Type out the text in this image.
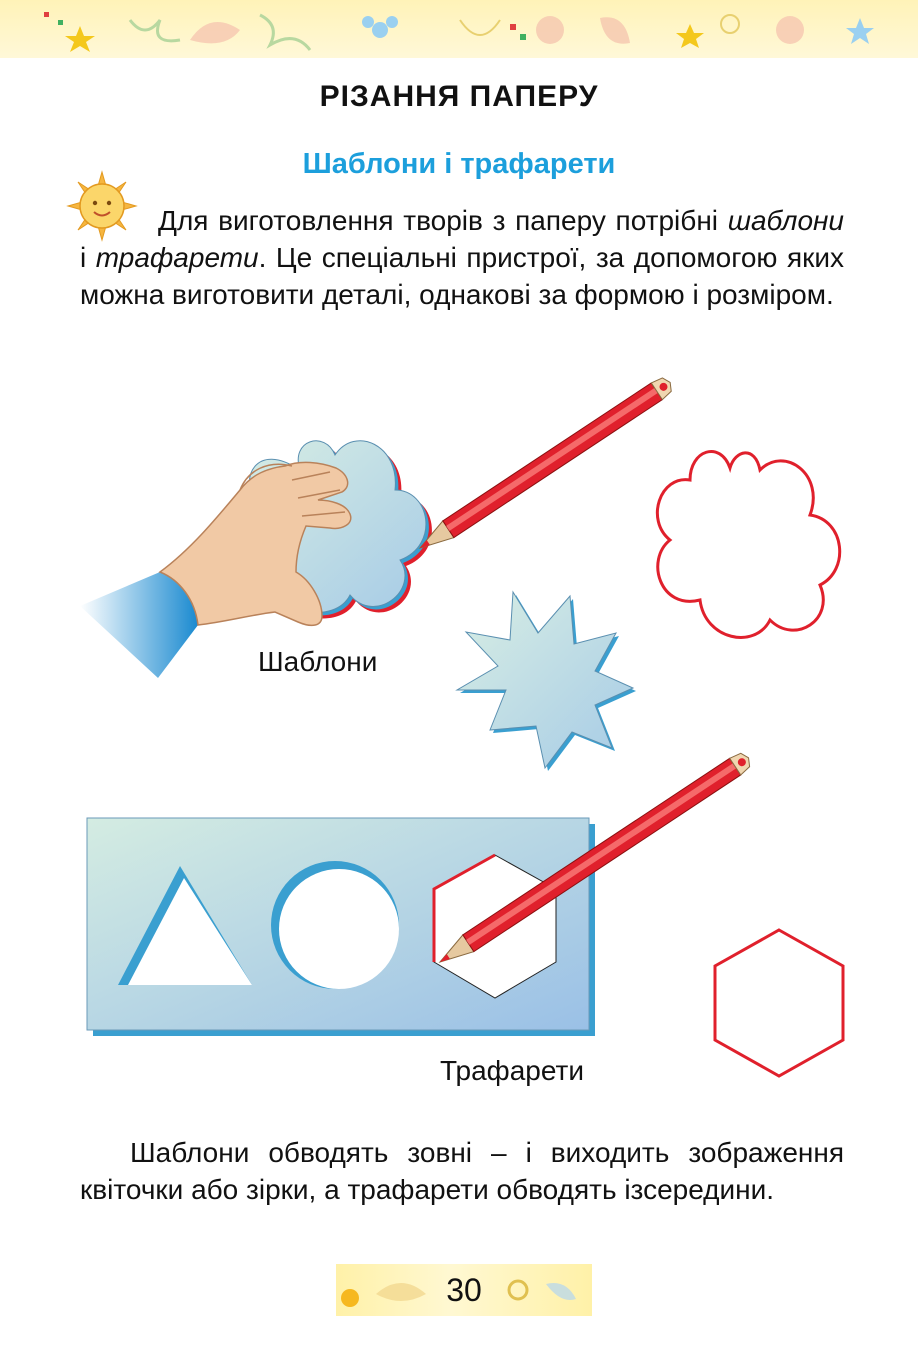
РІЗАННЯ ПАПЕРУ
Шаблони і трафарети
Для виготовлення творів з паперу потрібні шаблони і трафарети. Це спеціальні пристрої, за допомогою яких можна виготовити деталі, однакові за формою і розміром.
Шаблони
Трафарети
Шаблони обводять зовні – і виходить зображення квіточки або зірки, а трафарети обводять ізсередини.
30
